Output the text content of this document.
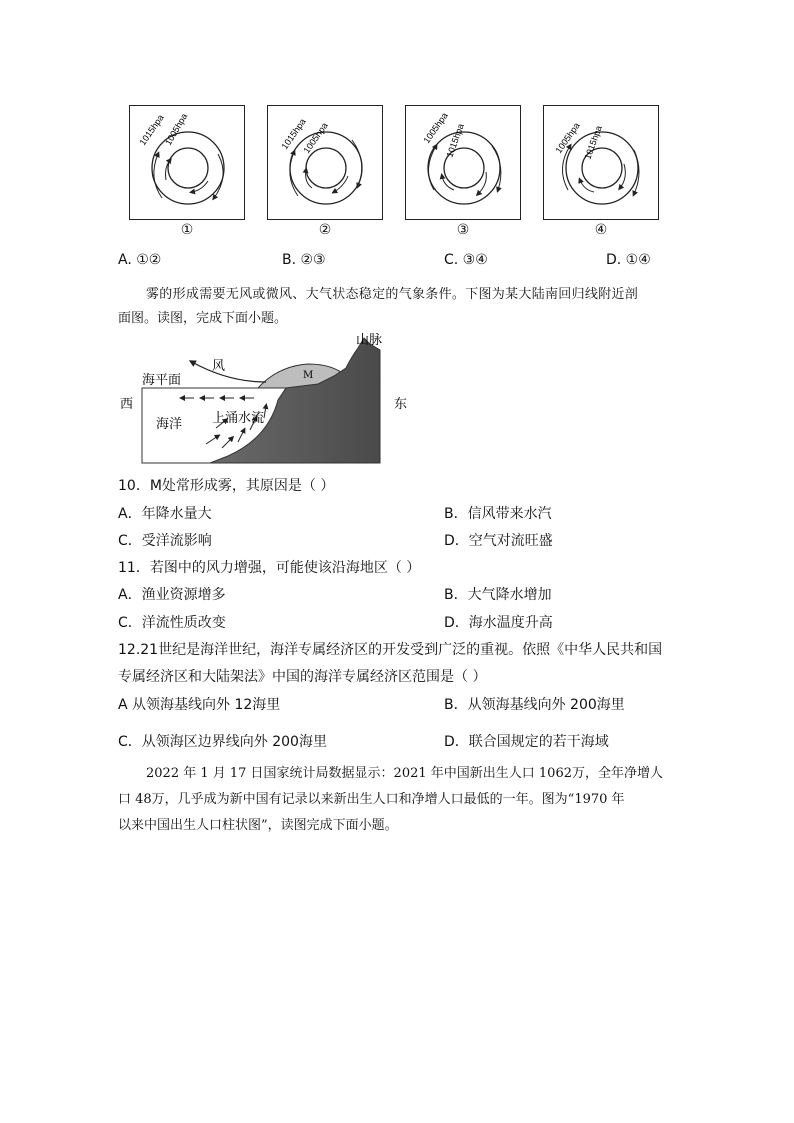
1015hpa
1005hpa
①
1015hpa
1005hpa
②
1005hpa
1015hpa
③
1005hpa 1015hpa
④
A. ①②	B. ②③	C. ③④	D. ①④
雾的形成需要无风或微风、大气状态稳定的气象条件。下图为某大陆南回归线附近剖
面图。读图，完成下面小题。
山脉
风
海平面
西	东
海洋 上涌水流
M
10．M处常形成雾，其原因是（ ）
A．年降水量大	B．信风带来水汽
C．受洋流影响	D．空气对流旺盛
11．若图中的风力增强，可能使该沿海地区（ ）
A．渔业资源增多	B．大气降水增加
C．洋流性质改变	D．海水温度升高
12.21世纪是海洋世纪，海洋专属经济区的开发受到广泛的重视。依照《中华人民共和国
专属经济区和大陆架法》中国的海洋专属经济区范围是（ ）
A 从领海基线向外 12海里	B．从领海基线向外 200海里
C．从领海区边界线向外 200海里	D．联合国规定的若干海域
2022 年 1 月 17 日国家统计局数据显示：2021 年中国新出生人口 1062万，全年净增人
口 48万，几乎成为新中国有记录以来新出生人口和净增人口最低的一年。图为“1970 年
以来中国出生人口柱状图”，读图完成下面小题。
